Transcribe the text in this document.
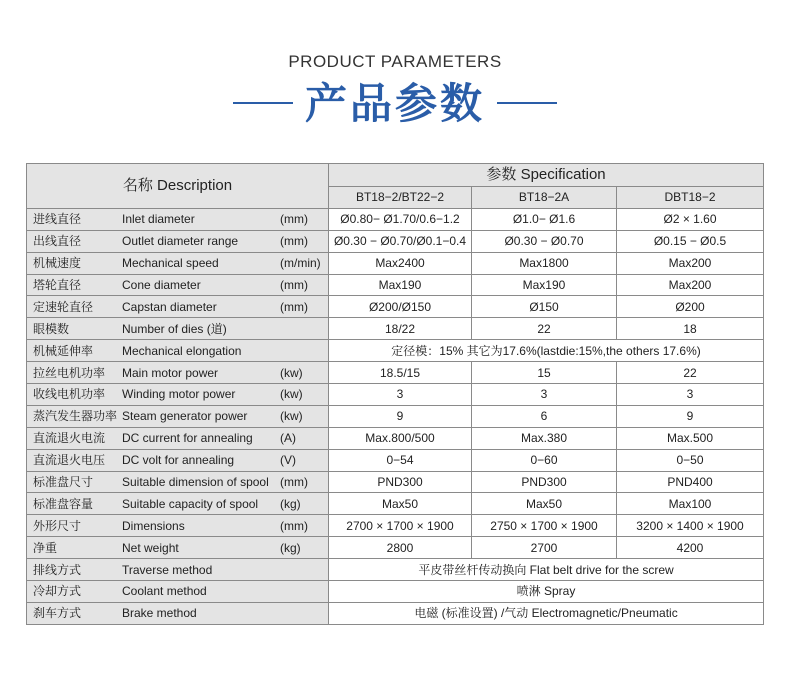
PRODUCT PARAMETERS
产品参数
名称 Description	参数 Specification		
	BT18−2/BT22−2	BT18−2A	DBT18−2

进线直径 Inlet diameter (mm)	Ø0.80− Ø1.70/0.6−1.2	Ø1.0− Ø1.6	Ø2 × 1.60

出线直径 Outlet diameter range (mm)	Ø0.30 − Ø0.70/Ø0.1−0.4	Ø0.30 − Ø0.70	Ø0.15 − Ø0.5

机械速度 Mechanical speed (m/min)	Max2400	Max1800	Max200

塔轮直径 Cone diameter (mm)	Max190	Max190	Max200

定速轮直径 Capstan diameter (mm)	Ø200/Ø150	Ø150	Ø200

眼模数 Number of dies (道)	18/22	22	18

机械延伸率 Mechanical elongation	定径模：15% 其它为17.6%(lastdie:15%,the others 17.6%)		

拉丝电机功率 Main motor power (kw)	18.5/15	15	22

收线电机功率 Winding motor power (kw)	3	3	3

蒸汽发生器功率 Steam generator power (kw)	9	6	9

直流退火电流 DC current for annealing (A)	Max.800/500	Max.380	Max.500

直流退火电压 DC volt for annealing (V)	0−54	0−60	0−50

标准盘尺寸 Suitable dimension of spool (mm)	PND300	PND300	PND400

标准盘容量 Suitable capacity of spool (kg)	Max50	Max50	Max100

外形尺寸 Dimensions (mm)	2700 × 1700 × 1900	2750 × 1700 × 1900	3200 × 1400 × 1900

净重 Net weight (kg)	2800	2700	4200

排线方式 Traverse method	平皮带丝杆传动换向 Flat belt drive for the screw		

冷却方式 Coolant method	喷淋 Spray		

刹车方式 Brake method	电磁 (标准设置) /气动 Electromagnetic/Pneumatic		
